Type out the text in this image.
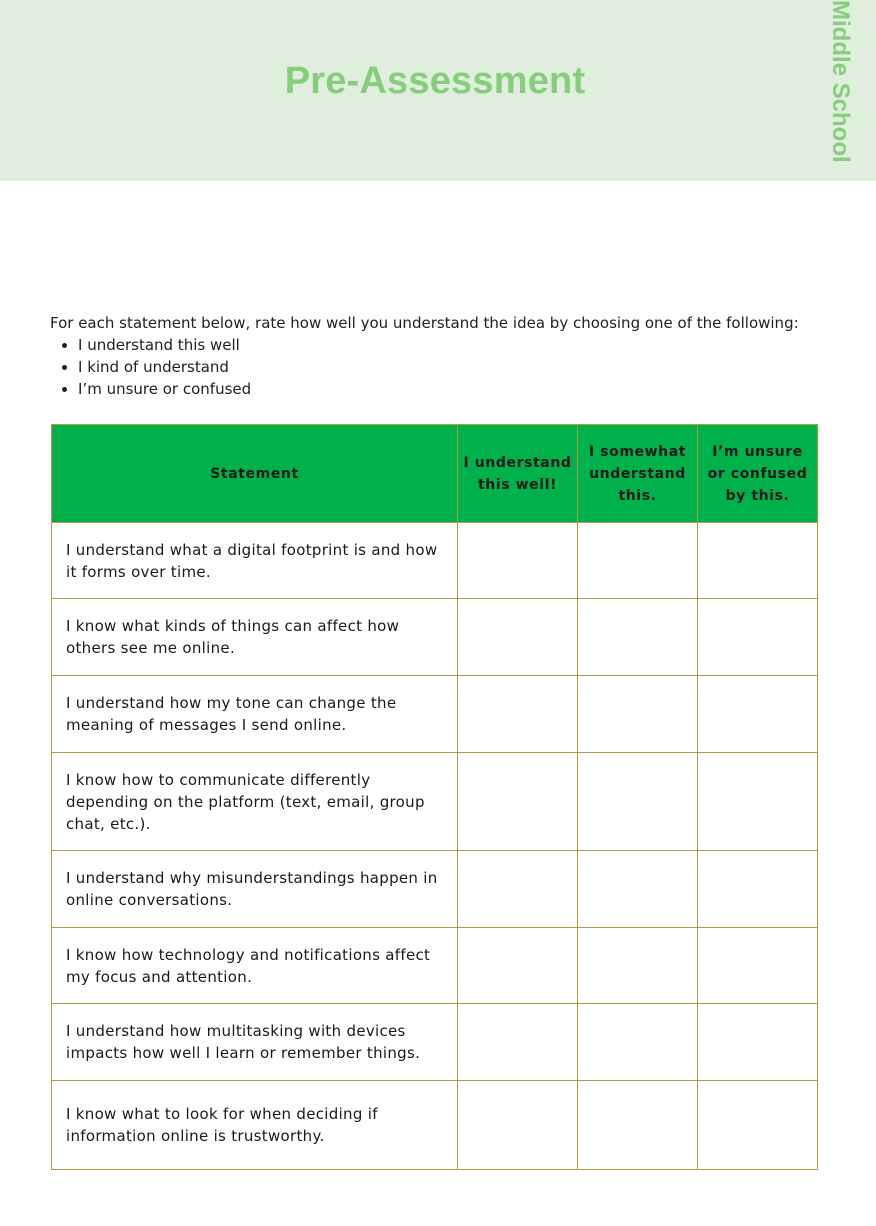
Pre-Assessment	Middle School
For each statement below, rate how well you understand the idea by choosing one of the following:
• I understand this well
• I kind of understand
• I’m unsure or confused
Statement	I understand this well!	I somewhat understand this.	I’m unsure or confused by this.
I understand what a digital footprint is and how it forms over time.			
I know what kinds of things can affect how others see me online.			
I understand how my tone can change the meaning of messages I send online.			
I know how to communicate differently depending on the platform (text, email, group chat, etc.).			
I understand why misunderstandings happen in online conversations.			
I know how technology and notifications affect my focus and attention.			
I understand how multitasking with devices impacts how well I learn or remember things.			
I know what to look for when deciding if information online is trustworthy.			
